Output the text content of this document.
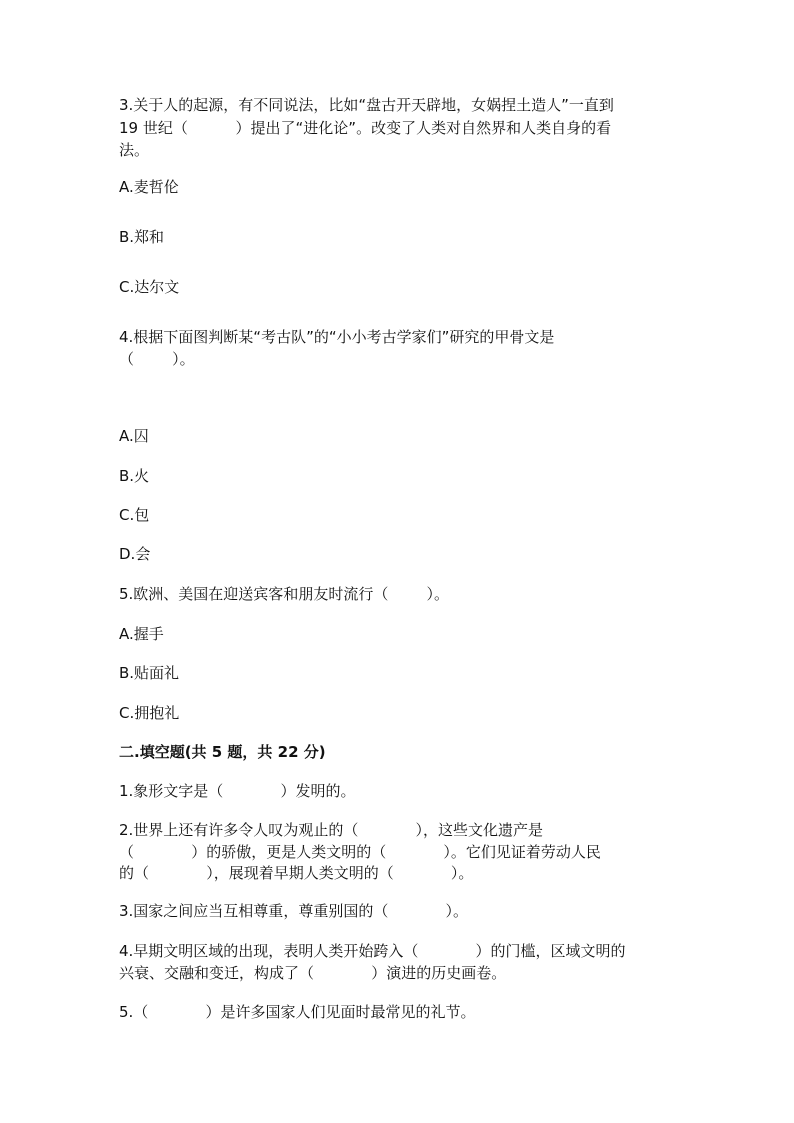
3.关于人的起源，有不同说法，比如“盘古开天辟地，女娲捏土造人”一直到
19 世纪（          ）提出了“进化论”。改变了人类对自然界和人类自身的看
法。
A.麦哲伦
B.郑和
C.达尔文
4.根据下面图判断某“考古队”的“小小考古学家们”研究的甲骨文是
（        ）。
A.囚
B.火
C.包
D.会
5.欧洲、美国在迎送宾客和朋友时流行（        ）。
A.握手
B.贴面礼
C.拥抱礼
二.填空题(共 5 题，共 22 分)
1.象形文字是（            ）发明的。
2.世界上还有许多令人叹为观止的（            ），这些文化遗产是
（            ）的骄傲，更是人类文明的（            ）。它们见证着劳动人民
的（            ），展现着早期人类文明的（            ）。
3.国家之间应当互相尊重，尊重别国的（            ）。
4.早期文明区域的出现，表明人类开始跨入（            ）的门槛，区域文明的
兴衰、交融和变迁，构成了（            ）演进的历史画卷。
5.（            ）是许多国家人们见面时最常见的礼节。
